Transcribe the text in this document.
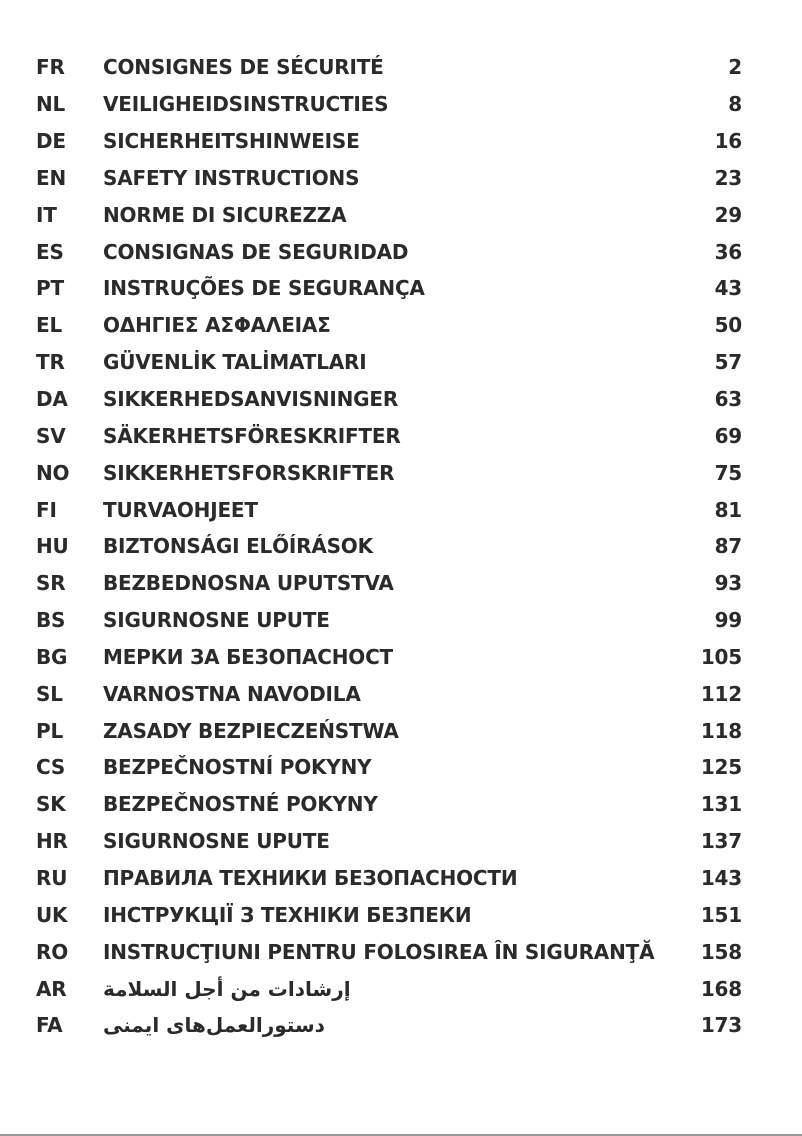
FR	CONSIGNES DE SÉCURITÉ	2
NL	VEILIGHEIDSINSTRUCTIES	8
DE	SICHERHEITSHINWEISE	16
EN	SAFETY INSTRUCTIONS	23
IT	NORME DI SICUREZZA	29
ES	CONSIGNAS DE SEGURIDAD	36
PT	INSTRUÇÕES DE SEGURANÇA	43
EL	ΟΔΗΓΙΕΣ ΑΣΦΑΛΕΙΑΣ	50
TR	GÜVENLİK TALİMATLARI	57
DA	SIKKERHEDSANVISNINGER	63
SV	SÄKERHETSFÖRESKRIFTER	69
NO	SIKKERHETSFORSKRIFTER	75
FI	TURVAOHJEET	81
HU	BIZTONSÁGI ELŐÍRÁSOK	87
SR	BEZBEDNOSNA UPUTSTVA	93
BS	SIGURNOSNE UPUTE	99
BG	МЕРКИ ЗА БЕЗОПАСНОСТ	105
SL	VARNOSTNA NAVODILA	112
PL	ZASADY BEZPIECZEŃSTWA	118
CS	BEZPEČNOSTNÍ POKYNY	125
SK	BEZPEČNOSTNÉ POKYNY	131
HR	SIGURNOSNE UPUTE	137
RU	ПРАВИЛА ТЕХНИКИ БЕЗОПАСНОСТИ	143
UK	ІНСТРУКЦІЇ З ТЕХНІКИ БЕЗПЕКИ	151
RO	INSTRUCŢIUNI PENTRU FOLOSIREA ÎN SIGURANŢĂ	158
AR	إرشادات من أجل السلامة	168
FA	دستورالعمل‌های ایمنی	173
